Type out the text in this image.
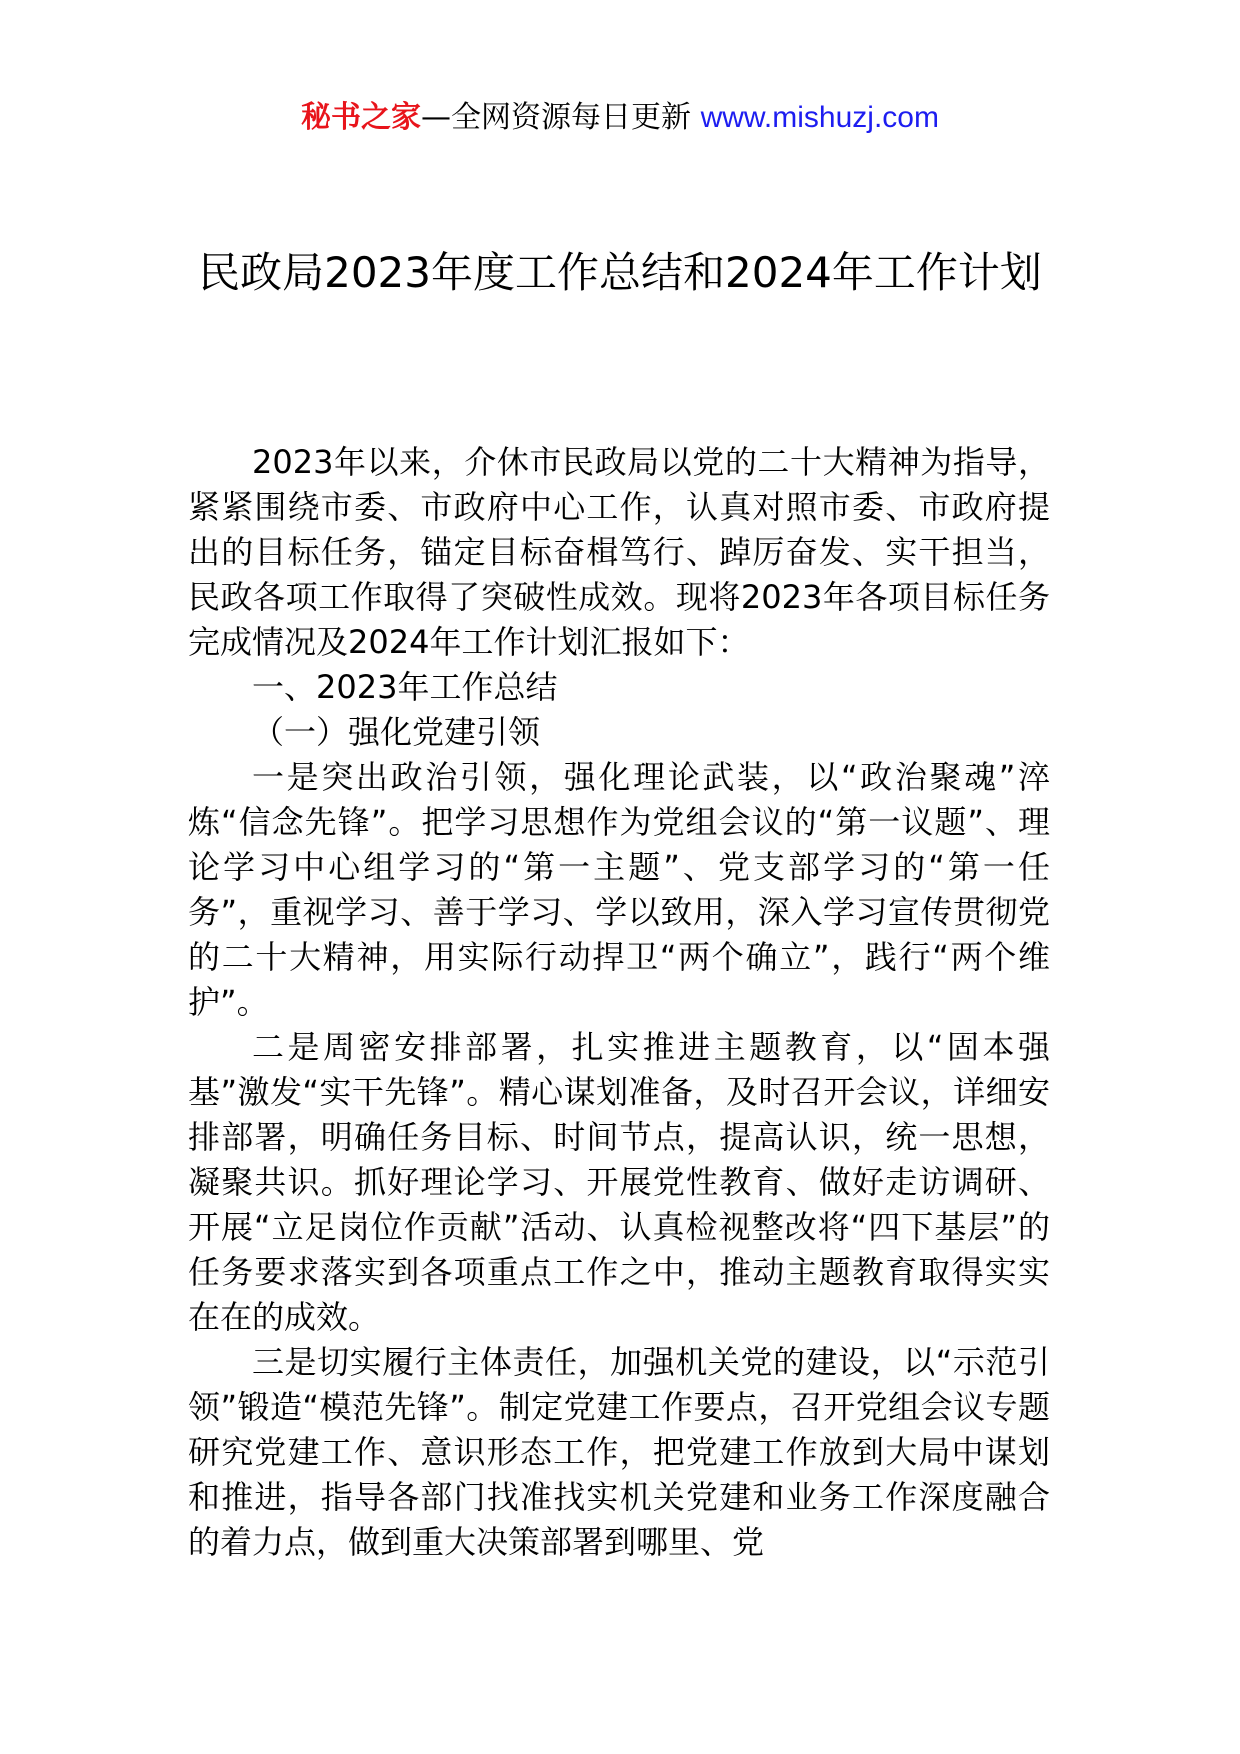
秘书之家—全网资源每日更新 www.mishuzj.com
民政局2023年度工作总结和2024年工作计划

2023年以来，介休市民政局以党的二十大精神为指导，紧紧围绕市委、市政府中心工作，认真对照市委、市政府提出的目标任务，锚定目标奋楫笃行、踔厉奋发、实干担当，民政各项工作取得了突破性成效。现将2023年各项目标任务完成情况及2024年工作计划汇报如下：

一、2023年工作总结

（一）强化党建引领

一是突出政治引领，强化理论武装，以“政治聚魂”淬炼“信念先锋”。把学习思想作为党组会议的“第一议题”、理论学习中心组学习的“第一主题”、党支部学习的“第一任务”，重视学习、善于学习、学以致用，深入学习宣传贯彻党的二十大精神，用实际行动捍卫“两个确立”，践行“两个维护”。

二是周密安排部署，扎实推进主题教育，以“固本强基”激发“实干先锋”。精心谋划准备，及时召开会议，详细安排部署，明确任务目标、时间节点，提高认识，统一思想，凝聚共识。抓好理论学习、开展党性教育、做好走访调研、开展“立足岗位作贡献”活动、认真检视整改将“四下基层”的任务要求落实到各项重点工作之中，推动主题教育取得实实在在的成效。

三是切实履行主体责任，加强机关党的建设，以“示范引领”锻造“模范先锋”。制定党建工作要点，召开党组会议专题研究党建工作、意识形态工作，把党建工作放到大局中谋划和推进，指导各部门找准找实机关党建和业务工作深度融合的着力点，做到重大决策部署到哪里、党
